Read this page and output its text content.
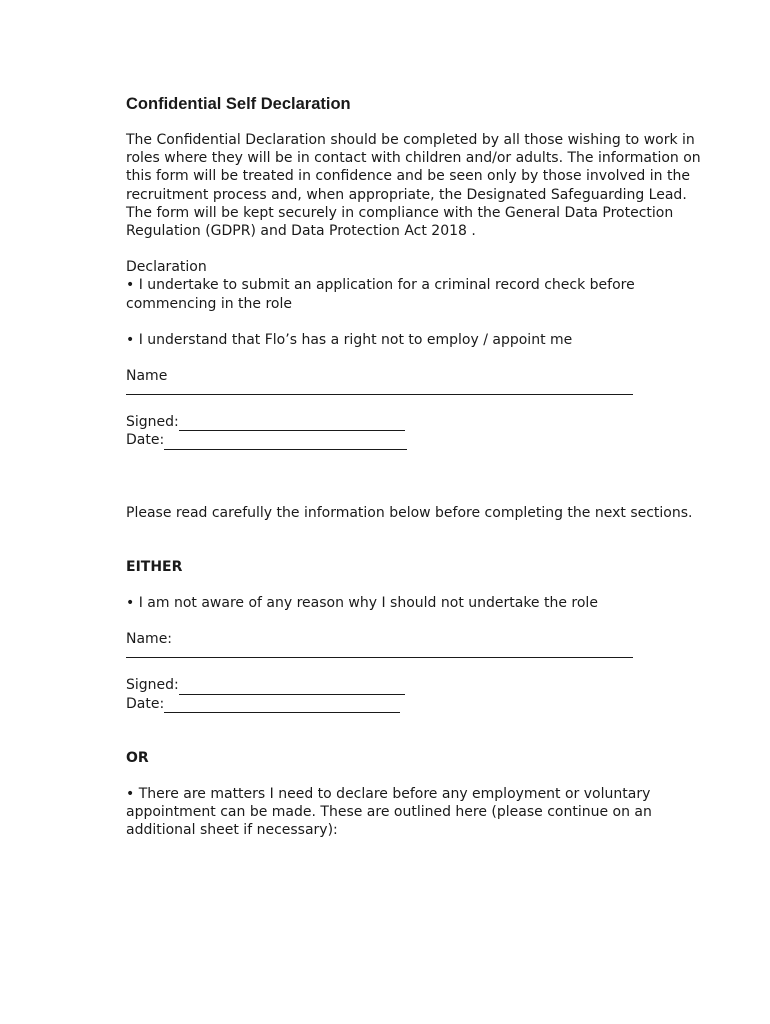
Confidential Self Declaration

The Confidential Declaration should be completed by all those wishing to work in roles where they will be in contact with children and/or adults. The information on this form will be treated in confidence and be seen only by those involved in the recruitment process and, when appropriate, the Designated Safeguarding Lead. The form will be kept securely in compliance with the General Data Protection Regulation (GDPR) and Data Protection Act 2018 .

Declaration

• I undertake to submit an application for a criminal record check before commencing in the role

• I understand that Flo’s has a right not to employ / appoint me

Name

Signed:
Date:

Please read carefully the information below before completing the next sections.

EITHER

• I am not aware of any reason why I should not undertake the role

Name:

Signed:
Date:

OR

• There are matters I need to declare before any employment or voluntary appointment can be made. These are outlined here (please continue on an additional sheet if necessary):
